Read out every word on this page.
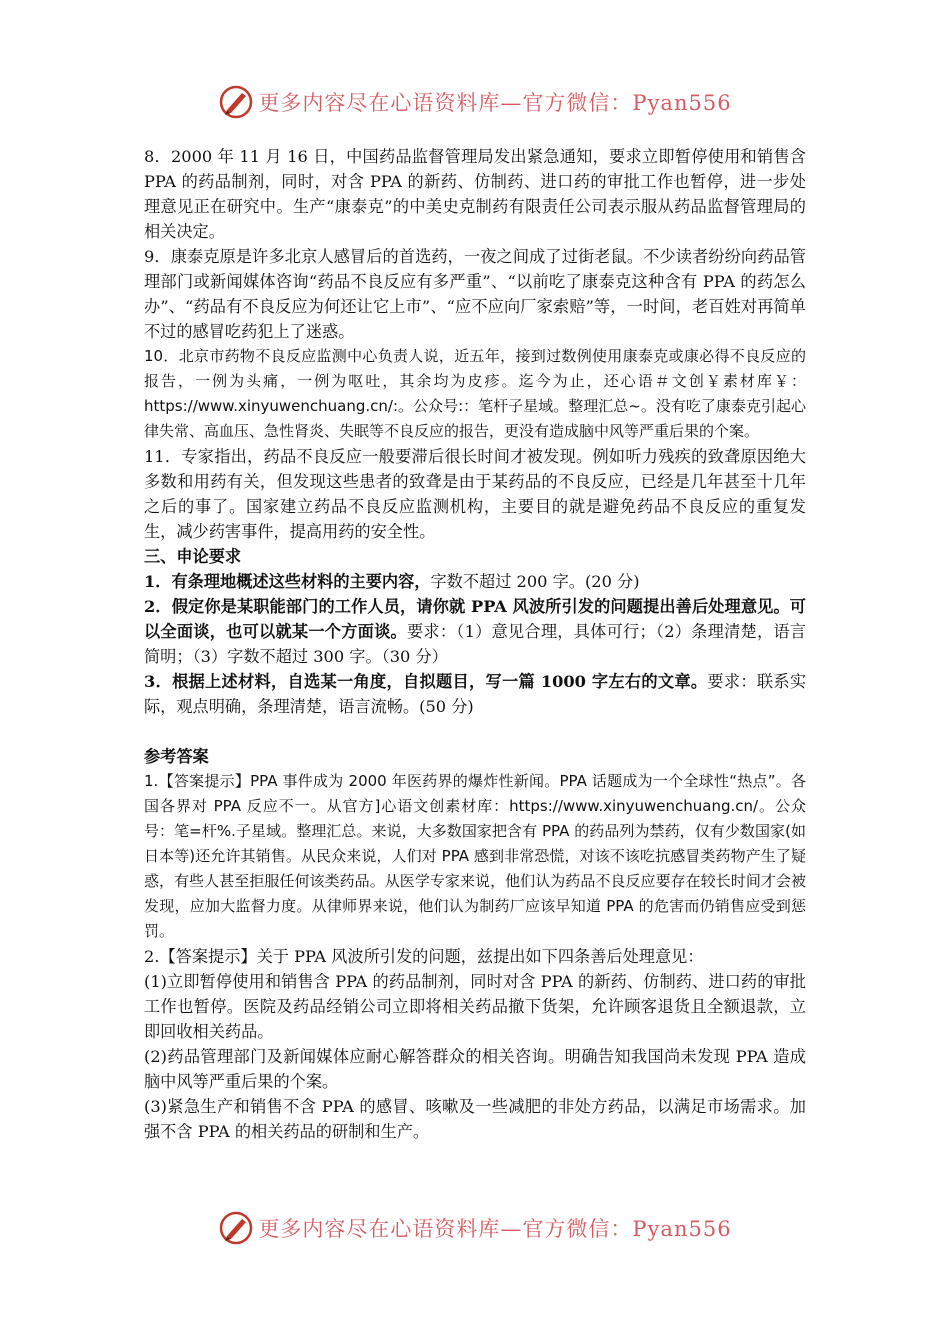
更多内容尽在心语资料库—官方微信：Pyan556

8．2000 年 11 月 16 日，中国药品监督管理局发出紧急通知，要求立即暂停使用和销售含 PPA 的药品制剂，同时，对含 PPA 的新药、仿制药、进口药的审批工作也暂停，进一步处理意见正在研究中。生产“康泰克”的中美史克制药有限责任公司表示服从药品监督管理局的相关决定。

9．康泰克原是许多北京人感冒后的首选药，一夜之间成了过街老鼠。不少读者纷纷向药品管理部门或新闻媒体咨询“药品不良反应有多严重”、“以前吃了康泰克这种含有 PPA 的药怎么办”、“药品有不良反应为何还让它上市”、“应不应向厂家索赔”等，一时间，老百姓对再简单不过的感冒吃药犯上了迷惑。

10．北京市药物不良反应监测中心负责人说，近五年，接到过数例使用康泰克或康必得不良反应的报告，一例为头痛，一例为呕吐，其余均为皮疹。迄今为止，还心语＃文创￥素材库￥：https://www.xinyuwenchuang.cn/:。公众号:：笔杆子星域。整理汇总~。没有吃了康泰克引起心律失常、高血压、急性肾炎、失眠等不良反应的报告，更没有造成脑中风等严重后果的个案。

11．专家指出，药品不良反应一般要滞后很长时间才被发现。例如听力残疾的致聋原因绝大多数和用药有关，但发现这些患者的致聋是由于某药品的不良反应，已经是几年甚至十几年之后的事了。国家建立药品不良反应监测机构，主要目的就是避免药品不良反应的重复发生，减少药害事件，提高用药的安全性。

三、申论要求

1．有条理地概述这些材料的主要内容，字数不超过 200 字。(20 分)

2．假定你是某职能部门的工作人员，请你就 PPA 风波所引发的问题提出善后处理意见。可以全面谈，也可以就某一个方面谈。要求：（1）意见合理，具体可行；（2）条理清楚，语言简明；（3）字数不超过 300 字。（30 分）

3．根据上述材料，自选某一角度，自拟题目，写一篇 1000 字左右的文章。要求：联系实际，观点明确，条理清楚，语言流畅。(50 分)

参考答案

1.【答案提示】PPA 事件成为 2000 年医药界的爆炸性新闻。PPA 话题成为一个全球性“热点”。各国各界对 PPA 反应不一。从官方]心语文创素材库：https://www.xinyuwenchuang.cn/。公众号：笔=杆%.子星域。整理汇总。来说，大多数国家把含有 PPA 的药品列为禁药，仅有少数国家(如日本等)还允许其销售。从民众来说，人们对 PPA 感到非常恐慌，对该不该吃抗感冒类药物产生了疑惑，有些人甚至拒服任何该类药品。从医学专家来说，他们认为药品不良反应要存在较长时间才会被发现，应加大监督力度。从律师界来说，他们认为制药厂应该早知道 PPA 的危害而仍销售应受到惩罚。

2.【答案提示】关于 PPA 风波所引发的问题，兹提出如下四条善后处理意见：

(1)立即暂停使用和销售含 PPA 的药品制剂，同时对含 PPA 的新药、仿制药、进口药的审批工作也暂停。医院及药品经销公司立即将相关药品撤下货架，允许顾客退货且全额退款，立即回收相关药品。

(2)药品管理部门及新闻媒体应耐心解答群众的相关咨询。明确告知我国尚未发现 PPA 造成脑中风等严重后果的个案。

(3)紧急生产和销售不含 PPA 的感冒、咳嗽及一些减肥的非处方药品，以满足市场需求。加强不含 PPA 的相关药品的研制和生产。

更多内容尽在心语资料库—官方微信：Pyan556
